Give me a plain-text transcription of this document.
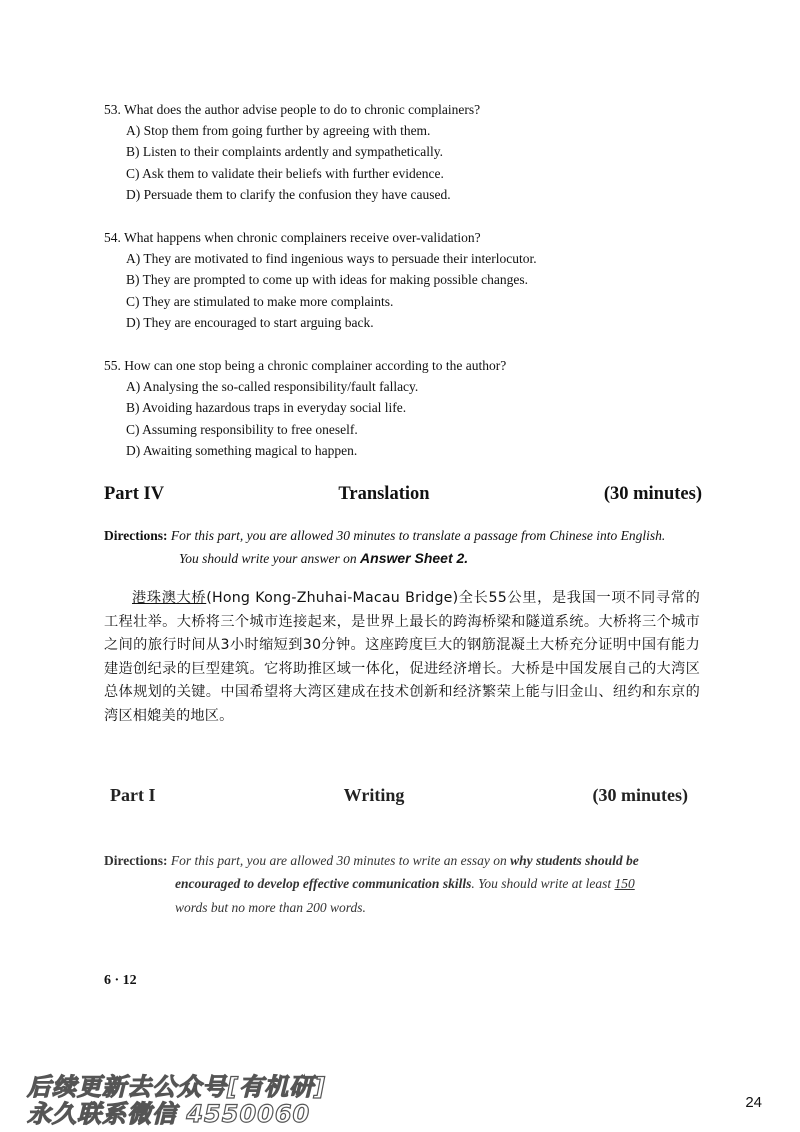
53. What does the author advise people to do to chronic complainers?
A) Stop them from going further by agreeing with them.
B) Listen to their complaints ardently and sympathetically.
C) Ask them to validate their beliefs with further evidence.
D) Persuade them to clarify the confusion they have caused.
54. What happens when chronic complainers receive over-validation?
A) They are motivated to find ingenious ways to persuade their interlocutor.
B) They are prompted to come up with ideas for making possible changes.
C) They are stimulated to make more complaints.
D) They are encouraged to start arguing back.
55. How can one stop being a chronic complainer according to the author?
A) Analysing the so-called responsibility/fault fallacy.
B) Avoiding hazardous traps in everyday social life.
C) Assuming responsibility to free oneself.
D) Awaiting something magical to happen.
Part IV	Translation	(30 minutes)
Directions: For this part, you are allowed 30 minutes to translate a passage from Chinese into English.
You should write your answer on Answer Sheet 2.
港珠澳大桥(Hong Kong-Zhuhai-Macau Bridge)全长55公里，是我国一项不同寻常的工程壮举。大桥将三个城市连接起来，是世界上最长的跨海桥梁和隧道系统。大桥将三个城市之间的旅行时间从3小时缩短到30分钟。这座跨度巨大的钢筋混凝土大桥充分证明中国有能力建造创纪录的巨型建筑。它将助推区域一体化，促进经济增长。大桥是中国发展自己的大湾区总体规划的关键。中国希望将大湾区建成在技术创新和经济繁荣上能与旧金山、纽约和东京的湾区相媲美的地区。
Part I	Writing	(30 minutes)
Directions: For this part, you are allowed 30 minutes to write an essay on why students should be
encouraged to develop effective communication skills. You should write at least 150
words but no more than 200 words.
6 · 12
后续更新去公众号[有机研]
永久联系微信 4550060	24
